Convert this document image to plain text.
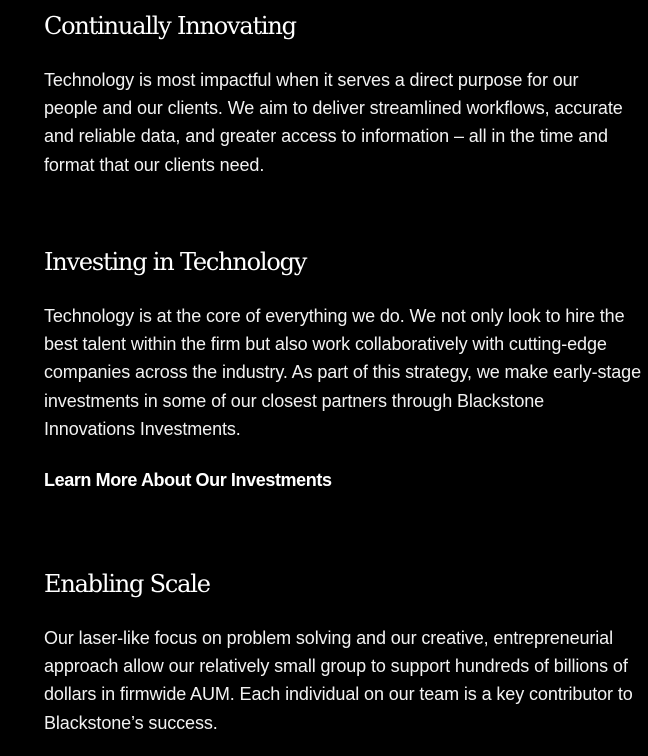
Continually Innovating

Technology is most impactful when it serves a direct purpose for our
people and our clients. We aim to deliver streamlined workflows, accurate
and reliable data, and greater access to information – all in the time and
format that our clients need.

Investing in Technology

Technology is at the core of everything we do. We not only look to hire the
best talent within the firm but also work collaboratively with cutting-edge
companies across the industry. As part of this strategy, we make early-stage
investments in some of our closest partners through Blackstone
Innovations Investments.

Learn More About Our Investments
Enabling Scale

Our laser-like focus on problem solving and our creative, entrepreneurial
approach allow our relatively small group to support hundreds of billions of
dollars in firmwide AUM. Each individual on our team is a key contributor to
Blackstone’s success.
